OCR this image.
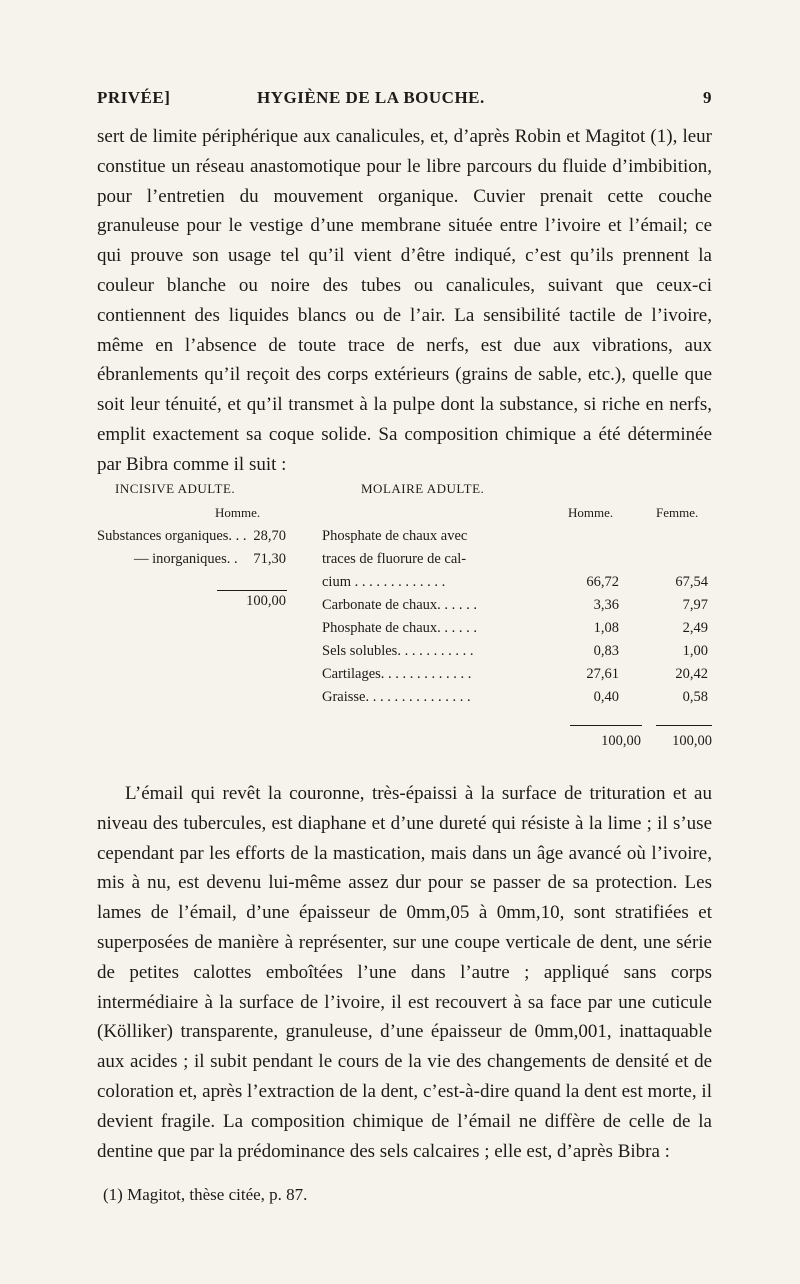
PRIVÉE]	HYGIÈNE DE LA BOUCHE.	9
sert de limite périphérique aux canalicules, et, d’après Robin et Magitot (1), leur constitue un réseau anastomotique pour le libre parcours du fluide d’imbibition, pour l’entretien du mouvement organique. Cuvier prenait cette couche granuleuse pour le vestige d’une membrane située entre l’ivoire et l’émail; ce qui prouve son usage tel qu’il vient d’être indiqué, c’est qu’ils prennent la couleur blanche ou noire des tubes ou canalicules, suivant que ceux-ci contiennent des liquides blancs ou de l’air. La sensibilité tactile de l’ivoire, même en l’absence de toute trace de nerfs, est due aux vibrations, aux ébranlements qu’il reçoit des corps extérieurs (grains de sable, etc.), quelle que soit leur ténuité, et qu’il transmet à la pulpe dont la substance, si riche en nerfs, emplit exactement sa coque solide. Sa composition chimique a été déterminée par Bibra comme il suit :
INCISIVE ADULTE.
Homme.
Substances organiques. . . 28,70
— inorganiques. .	71,30
100,00
MOLAIRE ADULTE.
Homme.	Femme.
Phosphate de chaux avec
traces de fluorure de cal-
cium . . . . . . . . . . . . .	66,72	67,54
Carbonate de chaux. . . . . .	3,36	7,97
Phosphate de chaux. . . . . .	1,08	2,49
Sels solubles. . . . . . . . . . .	0,83	1,00
Cartilages. . . . . . . . . . . . .	27,61	20,42
Graisse. . . . . . . . . . . . . . .	0,40	0,58
100,00	100,00
L’émail qui revêt la couronne, très-épaissi à la surface de trituration et au niveau des tubercules, est diaphane et d’une dureté qui résiste à la lime ; il s’use cependant par les efforts de la mastication, mais dans un âge avancé où l’ivoire, mis à nu, est devenu lui-même assez dur pour se passer de sa protection. Les lames de l’émail, d’une épaisseur de 0mm,05 à 0mm,10, sont stratifiées et superposées de manière à représenter, sur une coupe verticale de dent, une série de petites calottes emboîtées l’une dans l’autre ; appliqué sans corps intermédiaire à la surface de l’ivoire, il est recouvert à sa face par une cuticule (Kölliker) transparente, granuleuse, d’une épaisseur de 0mm,001, inattaquable aux acides ; il subit pendant le cours de la vie des changements de densité et de coloration et, après l’extraction de la dent, c’est-à-dire quand la dent est morte, il devient fragile. La composition chimique de l’émail ne diffère de celle de la dentine que par la prédominance des sels calcaires ; elle est, d’après Bibra :
(1) Magitot, thèse citée, p. 87.
